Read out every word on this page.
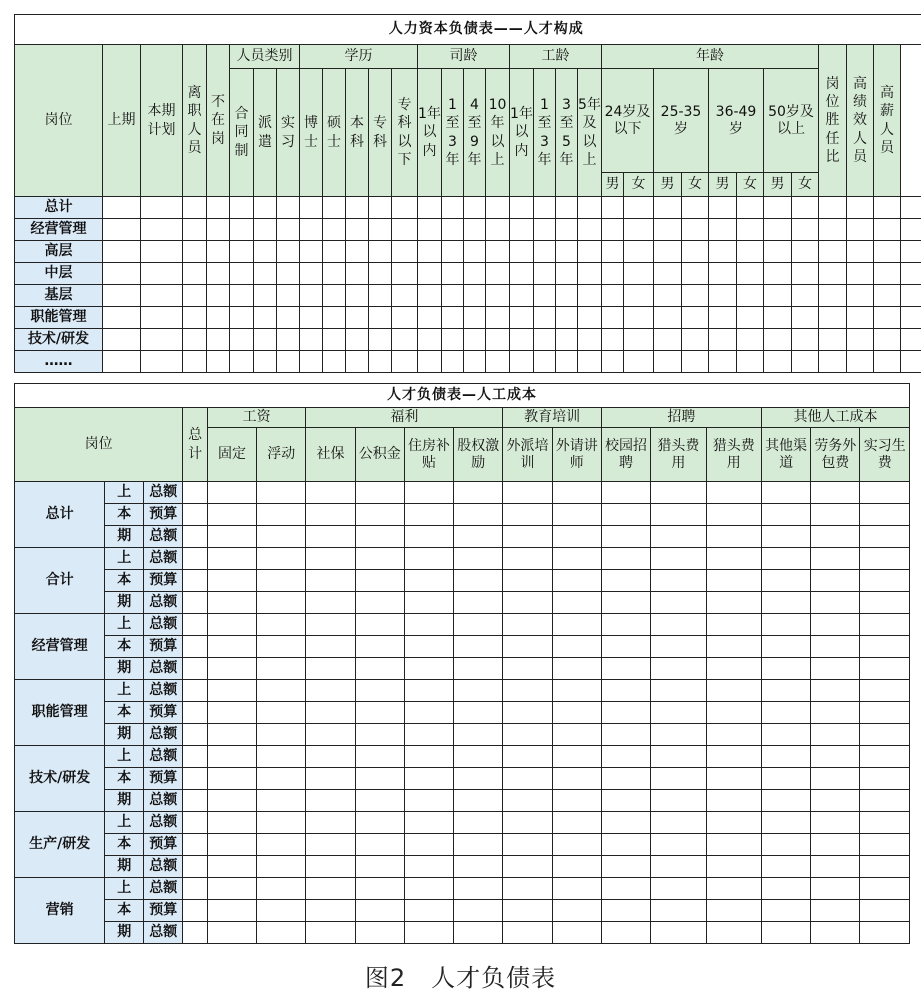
人力资本负债表——人才构成																																	
岗位	上期	本期计划	离职人员	不在岗	人员类别			学历					司龄				工龄				年龄								岗位胜任比	高绩效人员	高薪人员		
					合同制	派遣	实习	博士	硕士	本科	专科	专科以下	1年以内	1至3年	4至9年	10年以上	1年以内	1至3年	3至5年	5年及以上	24岁及以下		25-35岁		36-49岁		50岁及以上						
																					男	女	男	女	男	女	男	女					
总计																																	
经营管理																																	
高层																																	
中层																																	
基层																																	
职能管理																																	
技术/研发																																	
……																																	
人才负债表—人工成本																	
岗位			总计	工资		福利				教育培训		招聘			其他人工成本		
				固定	浮动	社保	公积金	住房补贴	股权激励	外派培训	外请讲师	校园招聘	猎头费用	猎头费用	其他渠道	劳务外包费	实习生费
总计	上	总额															
	本	预算															
	期	总额															
合计	上	总额															
	本	预算															
	期	总额															
经营管理	上	总额															
	本	预算															
	期	总额															
职能管理	上	总额															
	本	预算															
	期	总额															
技术/研发	上	总额															
	本	预算															
	期	总额															
生产/研发	上	总额															
	本	预算															
	期	总额															
营销	上	总额															
	本	预算															
	期	总额															
图2　人才负债表
